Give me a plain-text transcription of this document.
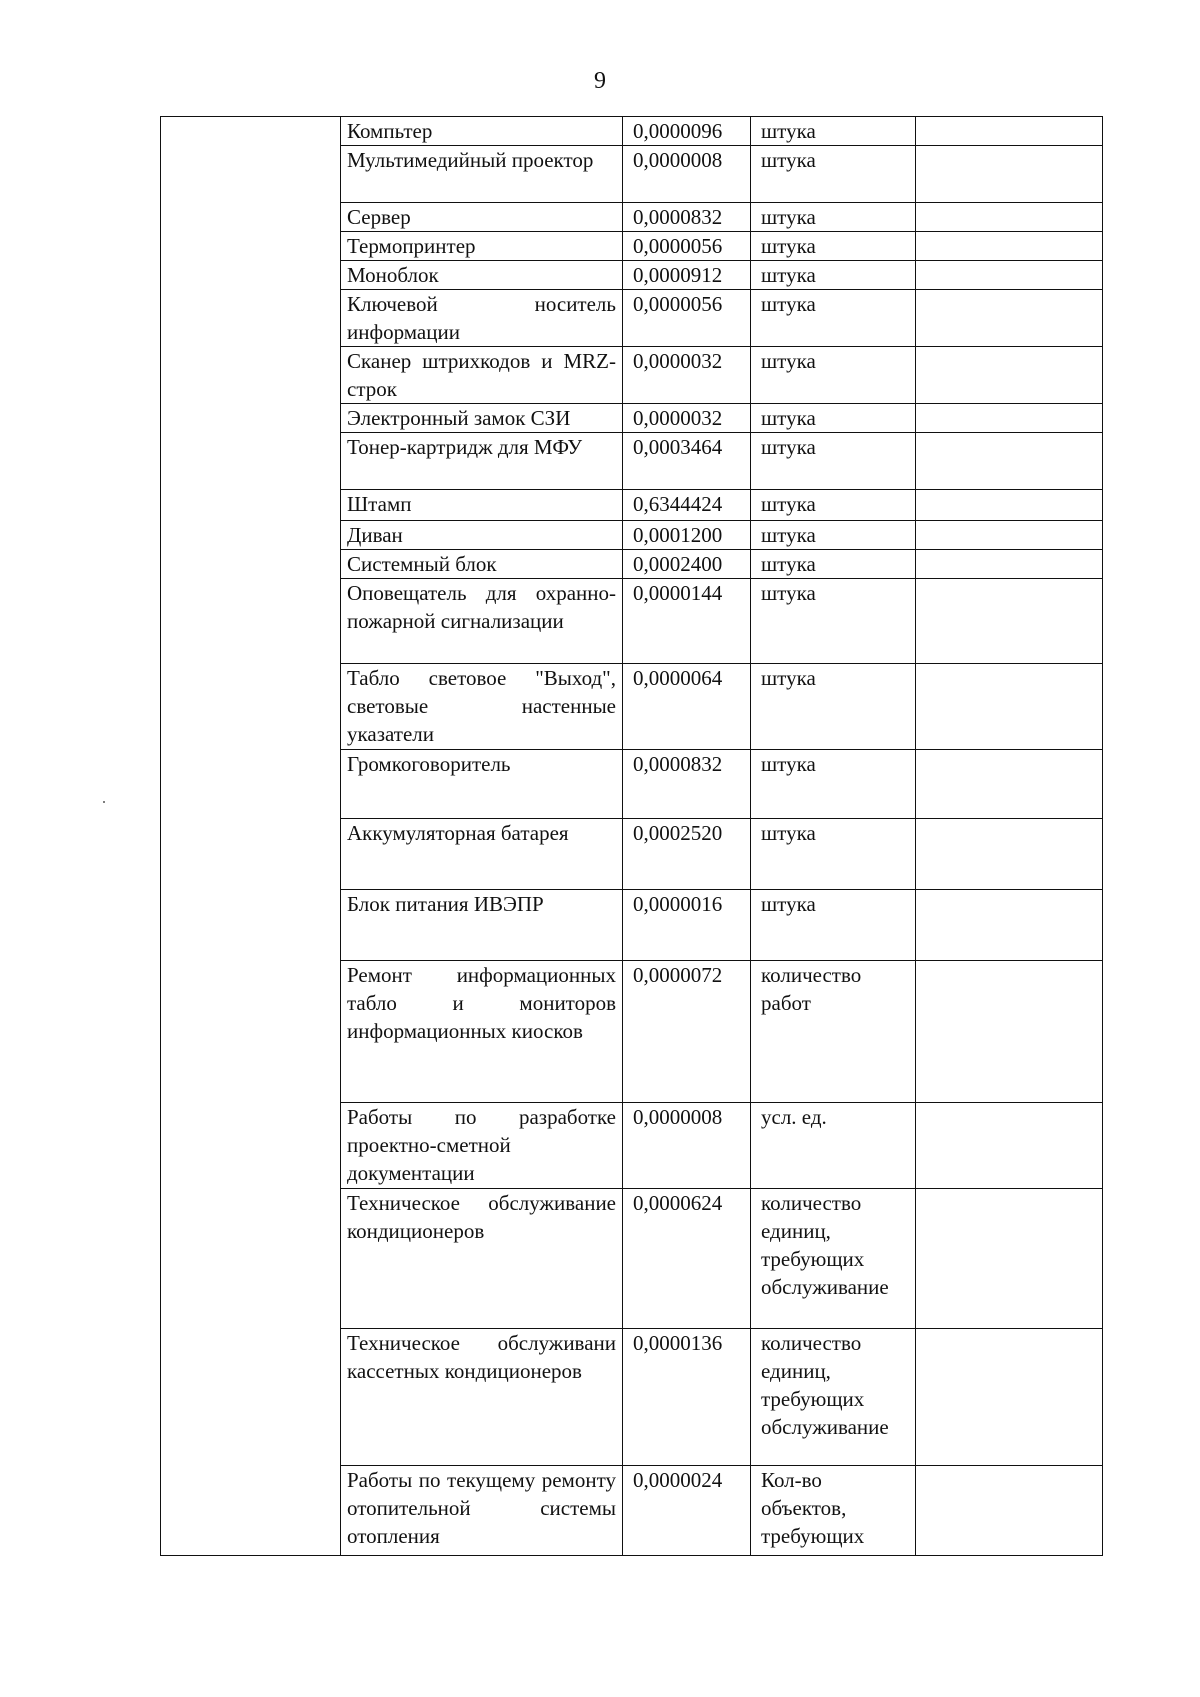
9
	Компьтер	0,0000096	штука	
	Мультимедийный проектор	0,0000008	штука	
	Сервер	0,0000832	штука	
	Термопринтер	0,0000056	штука	
	Моноблок	0,0000912	штука	
	Ключевой носитель информации	0,0000056	штука	
	Сканер штрихкодов и MRZ-строк	0,0000032	штука	
	Электронный замок СЗИ	0,0000032	штука	
	Тонер-картридж для МФУ	0,0003464	штука	
	Штамп	0,6344424	штука	
	Диван	0,0001200	штука	
	Системный блок	0,0002400	штука	
	Оповещатель для охранно-пожарной сигнализации	0,0000144	штука	
	Табло световое "Выход", световые настенные указатели	0,0000064	штука	
	Громкоговоритель	0,0000832	штука	
	Аккумуляторная батарея	0,0002520	штука	
	Блок питания ИВЭПР	0,0000016	штука	
	Ремонт информационных табло и мониторов информационных киосков	0,0000072	количество работ	
	Работы по разработке проектно-сметной документации	0,0000008	усл. ед.	
	Техническое обслуживание кондиционеров	0,0000624	количество единиц, требующих обслуживание	
	Техническое обслуживани кассетных кондиционеров	0,0000136	количество единиц, требующих обслуживание	
	Работы по текущему ремонту отопительной системы отопления	0,0000024	Кол-во объектов, требующих	
